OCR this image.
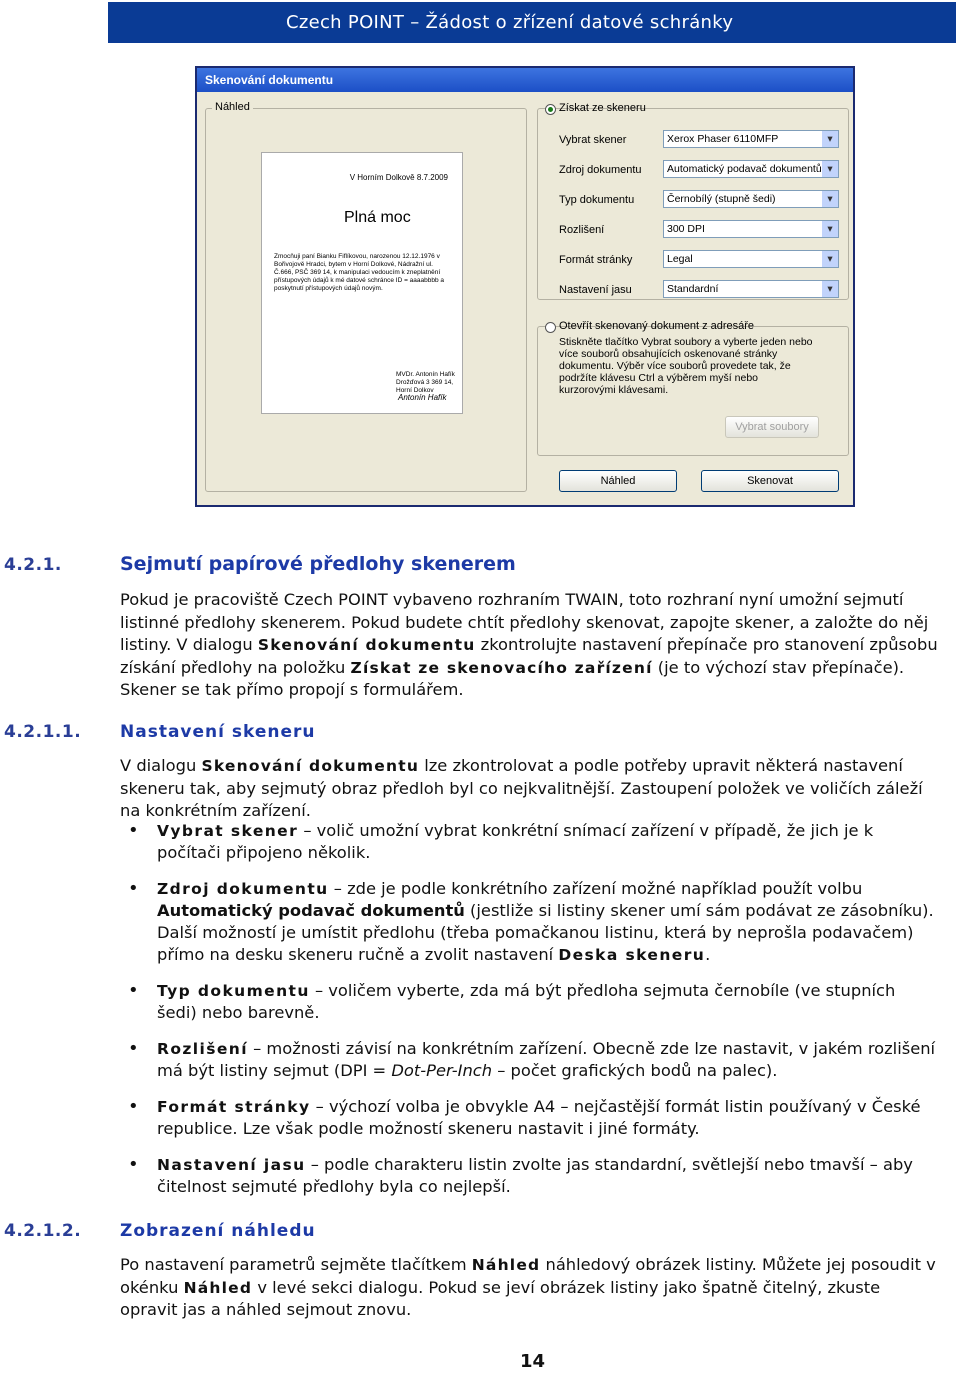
Czech POINT – Žádost o zřízení datové schránky
Skenování dokumentu
Náhled
V Horním Dolkově 8.7.2009
Plná moc
Zmocňuji paní Bianku Fiflíkovou, narozenou 12.12.1976 v Bořivojově Hradci, bytem v Horní Dolkové, Nádražní ul. Č.666, PSČ 369 14, k manipulaci vedoucím k zneplatnění přístupových údajů k mé datové schránce ID = aaaabbbb a poskytnutí přístupových údajů novým.
MVDr. Antonín Hafík Drožďová 3 369 14, Horní Dolkov
Antonín Hafík
Získat ze skeneru
Vybrat skener	Xerox Phaser 6110MFP ▾
Zdroj dokumentu	Automatický podavač dokumentů ▾
Typ dokumentu	Černobílý (stupně šedi) ▾
Rozlišení	300 DPI ▾
Formát stránky	Legal ▾
Nastavení jasu	Standardní ▾
Otevřít skenovaný dokument z adresáře
Stiskněte tlačítko Vybrat soubory a vyberte jeden nebo více souborů obsahujících oskenované stránky dokumentu. Výběr více souborů provedete tak, že podržíte klávesu Ctrl a výběrem myší nebo kurzorovými klávesami.
Vybrat soubory
Náhled	Skenovat
4.2.1.	Sejmutí papírové předlohy skenerem
Pokud je pracoviště Czech POINT vybaveno rozhraním TWAIN, toto rozhraní nyní umožní sejmutí listinné předlohy skenerem. Pokud budete chtít předlohy skenovat, zapojte skener, a založte do něj listiny. V dialogu Skenování dokumentu zkontrolujte nastavení přepínače pro stanovení způsobu získání předlohy na položku Získat ze skenovacího zařízení (je to výchozí stav přepínače). Skener se tak přímo propojí s formulářem.
4.2.1.1. Nastavení skeneru
V dialogu Skenování dokumentu lze zkontrolovat a podle potřeby upravit některá nastavení skeneru tak, aby sejmutý obraz předloh byl co nejkvalitnější. Zastoupení položek ve voličích záleží na konkrétním zařízení.
• Vybrat skener – volič umožní vybrat konkrétní snímací zařízení v případě, že jich je k počítači připojeno několik.
• Zdroj dokumentu – zde je podle konkrétního zařízení možné například použít volbu Automatický podavač dokumentů (jestliže si listiny skener umí sám podávat ze zásobníku). Další možností je umístit předlohu (třeba pomačkanou listinu, která by neprošla podavačem) přímo na desku skeneru ručně a zvolit nastavení Deska skeneru.
• Typ dokumentu – voličem vyberte, zda má být předloha sejmuta černobíle (ve stupních šedi) nebo barevně.
• Rozlišení – možnosti závisí na konkrétním zařízení. Obecně zde lze nastavit, v jakém rozlišení má být listiny sejmut (DPI = Dot-Per-Inch – počet grafických bodů na palec).
• Formát stránky – výchozí volba je obvykle A4 – nejčastější formát listin používaný v České republice. Lze však podle možností skeneru nastavit i jiné formáty.
• Nastavení jasu – podle charakteru listin zvolte jas standardní, světlejší nebo tmavší – aby čitelnost sejmuté předlohy byla co nejlepší.
4.2.1.2. Zobrazení náhledu
Po nastavení parametrů sejměte tlačítkem Náhled náhledový obrázek listiny. Můžete jej posoudit v okénku Náhled v levé sekci dialogu. Pokud se jeví obrázek listiny jako špatně čitelný, zkuste opravit jas a náhled sejmout znovu.
14
